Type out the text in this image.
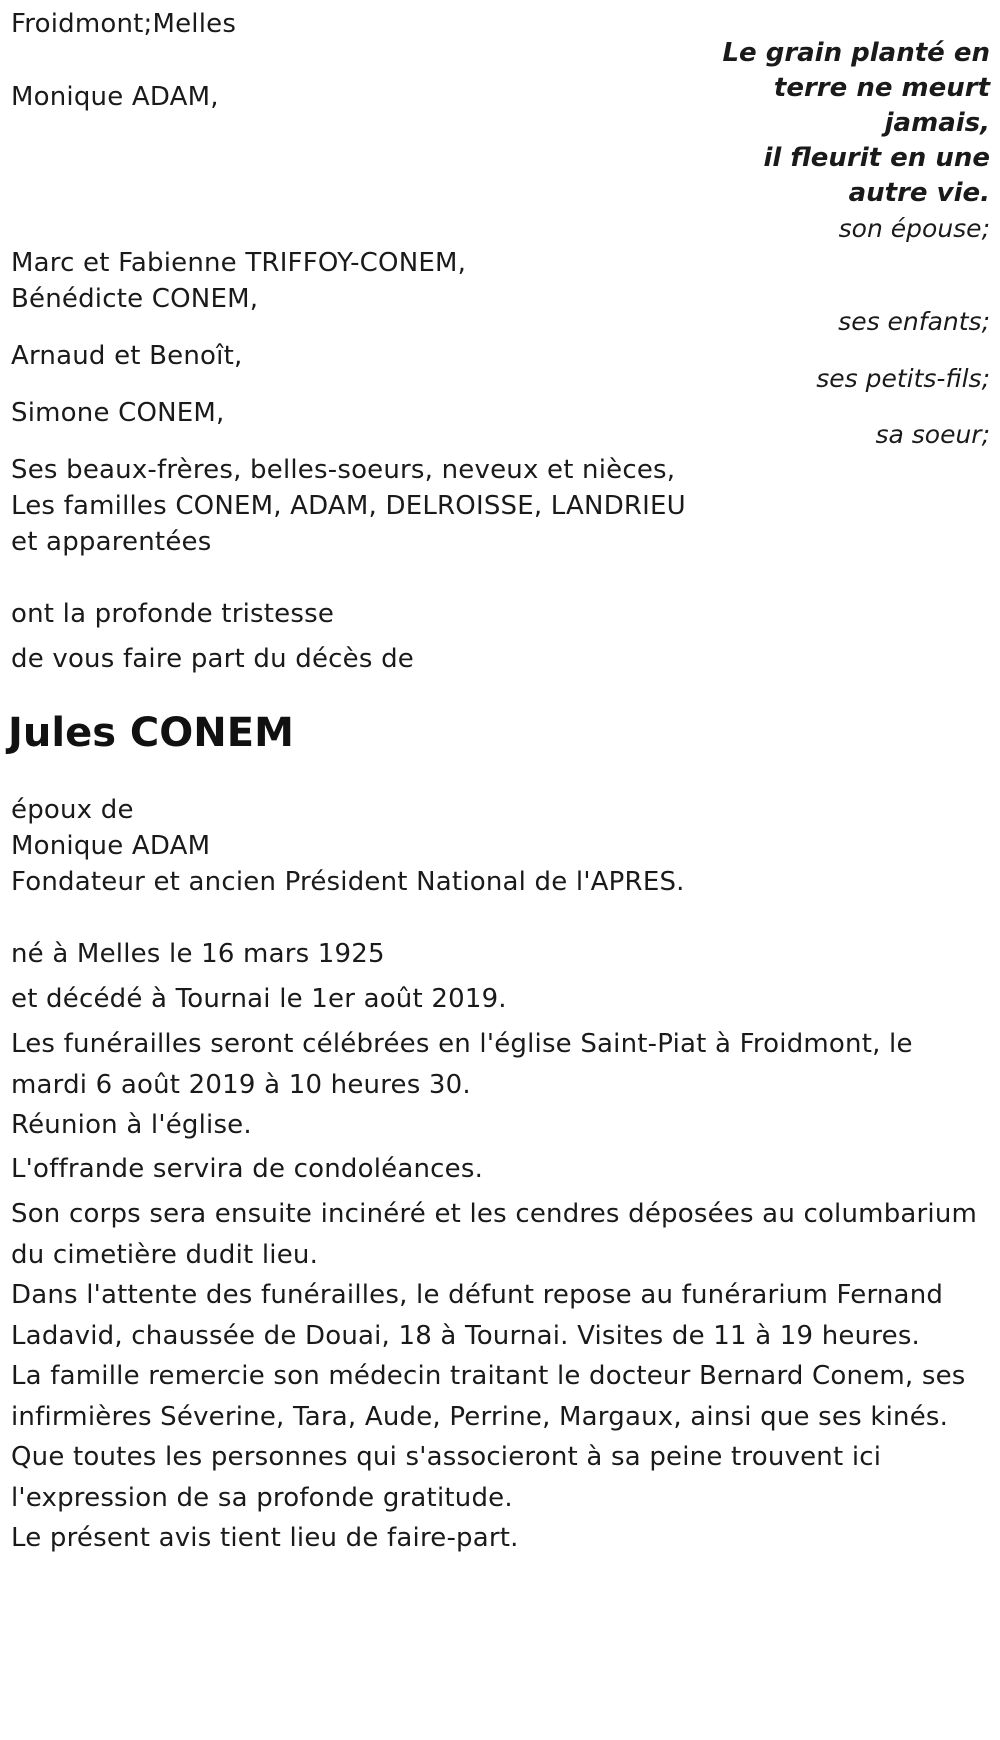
Froidmont;Melles

Le grain planté en

terre ne meurt

jamais,

il fleurit en une

autre vie.

Monique ADAM,

son épouse;

Marc et Fabienne TRIFFOY-CONEM,

Bénédicte CONEM,

ses enfants;

Arnaud et Benoît,

ses petits-fils;

Simone CONEM,

sa soeur;

Ses beaux-frères, belles-soeurs, neveux et nièces,

Les familles CONEM, ADAM, DELROISSE, LANDRIEU

et apparentées

ont la profonde tristesse

de vous faire part du décès de

Jules CONEM

époux de

Monique ADAM

Fondateur et ancien Président National de l'APRES.

né à Melles le 16 mars 1925

et décédé à Tournai le 1er août 2019.

Les funérailles seront célébrées en l'église Saint-Piat à Froidmont, le mardi 6 août 2019 à 10 heures 30.

Réunion à l'église.

L'offrande servira de condoléances.

Son corps sera ensuite incinéré et les cendres déposées au columbarium du cimetière dudit lieu.

Dans l'attente des funérailles, le défunt repose au funérarium Fernand Ladavid, chaussée de Douai, 18 à Tournai. Visites de 11 à 19 heures.

La famille remercie son médecin traitant le docteur Bernard Conem, ses infirmières Séverine, Tara, Aude, Perrine, Margaux, ainsi que ses kinés.

Que toutes les personnes qui s'associeront à sa peine trouvent ici l'expression de sa profonde gratitude.

Le présent avis tient lieu de faire-part.
